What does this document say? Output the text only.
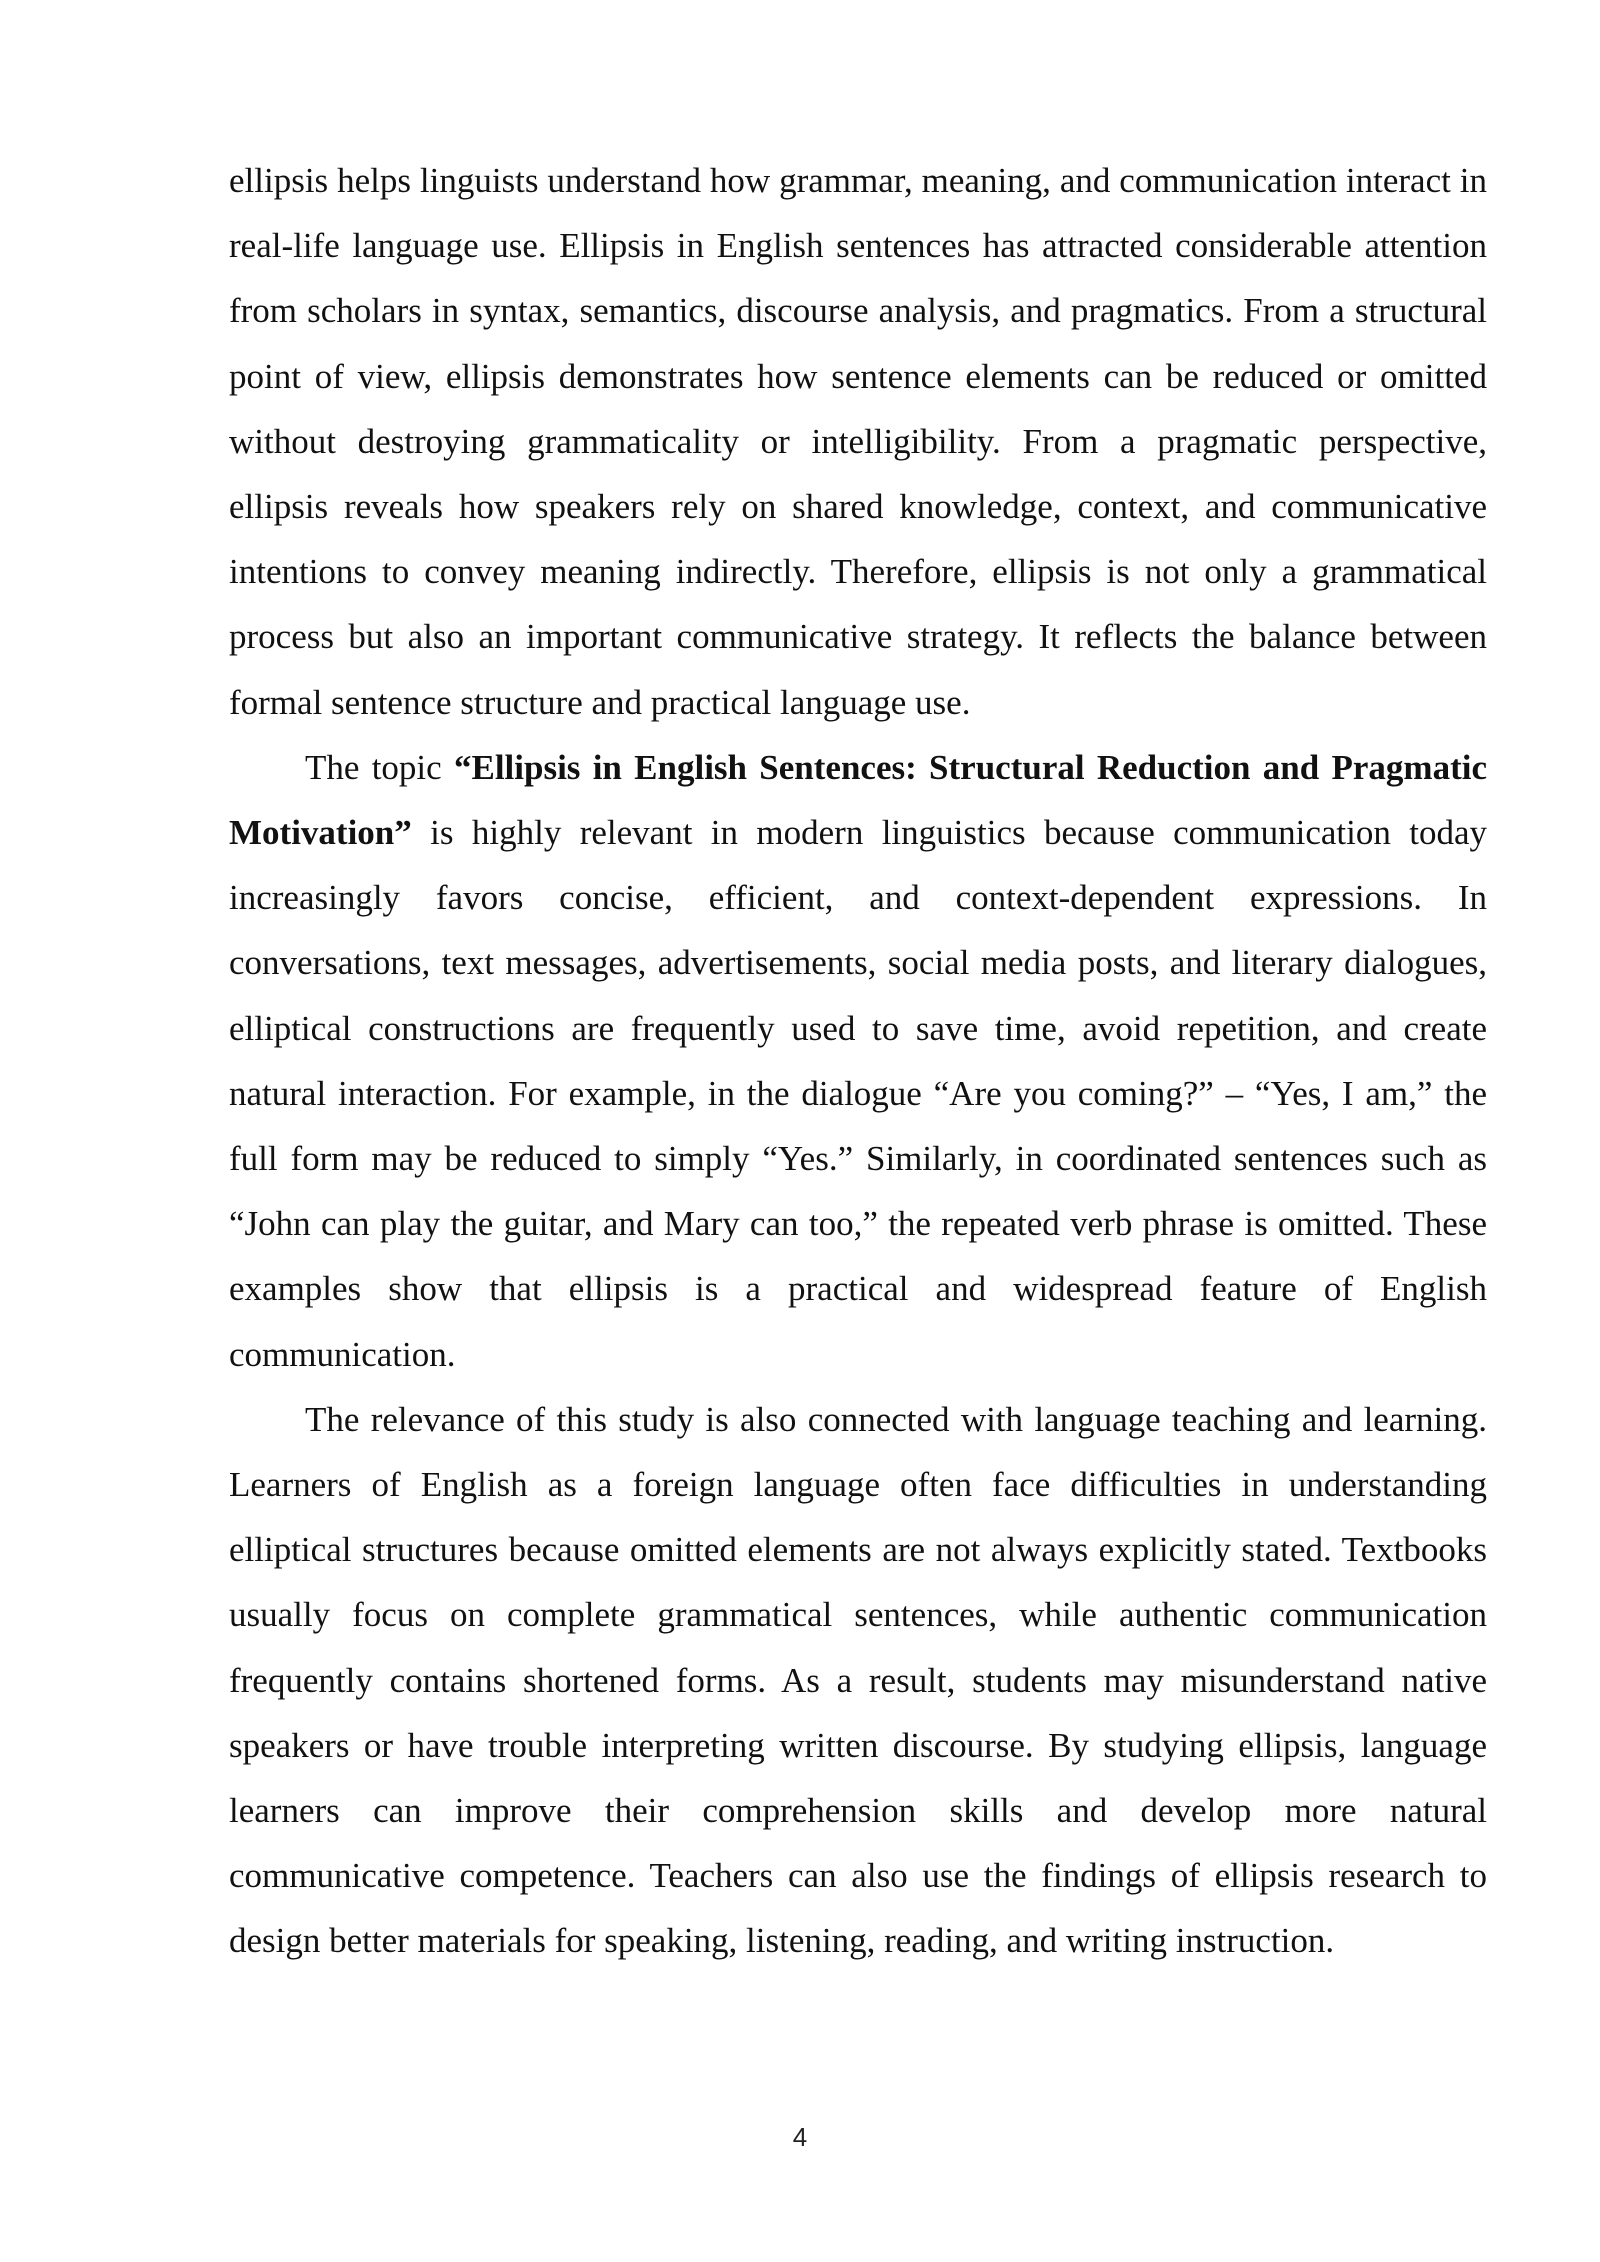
ellipsis helps linguists understand how grammar, meaning, and communication interact in real-life language use. Ellipsis in English sentences has attracted considerable attention from scholars in syntax, semantics, discourse analysis, and pragmatics. From a structural point of view, ellipsis demonstrates how sentence elements can be reduced or omitted without destroying grammaticality or intelligibility. From a pragmatic perspective, ellipsis reveals how speakers rely on shared knowledge, context, and communicative intentions to convey meaning indirectly. Therefore, ellipsis is not only a grammatical process but also an important communicative strategy. It reflects the balance between formal sentence structure and practical language use.

The topic “Ellipsis in English Sentences: Structural Reduction and Pragmatic Motivation” is highly relevant in modern linguistics because communication today increasingly favors concise, efficient, and context-dependent expressions. In conversations, text messages, advertisements, social media posts, and literary dialogues, elliptical constructions are frequently used to save time, avoid repetition, and create natural interaction. For example, in the dialogue “Are you coming?” – “Yes, I am,” the full form may be reduced to simply “Yes.” Similarly, in coordinated sentences such as “John can play the guitar, and Mary can too,” the repeated verb phrase is omitted. These examples show that ellipsis is a practical and widespread feature of English communication.

The relevance of this study is also connected with language teaching and learning. Learners of English as a foreign language often face difficulties in understanding elliptical structures because omitted elements are not always explicitly stated. Textbooks usually focus on complete grammatical sentences, while authentic communication frequently contains shortened forms. As a result, students may misunderstand native speakers or have trouble interpreting written discourse. By studying ellipsis, language learners can improve their comprehension skills and develop more natural communicative competence. Teachers can also use the findings of ellipsis research to design better materials for speaking, listening, reading, and writing instruction.

4
